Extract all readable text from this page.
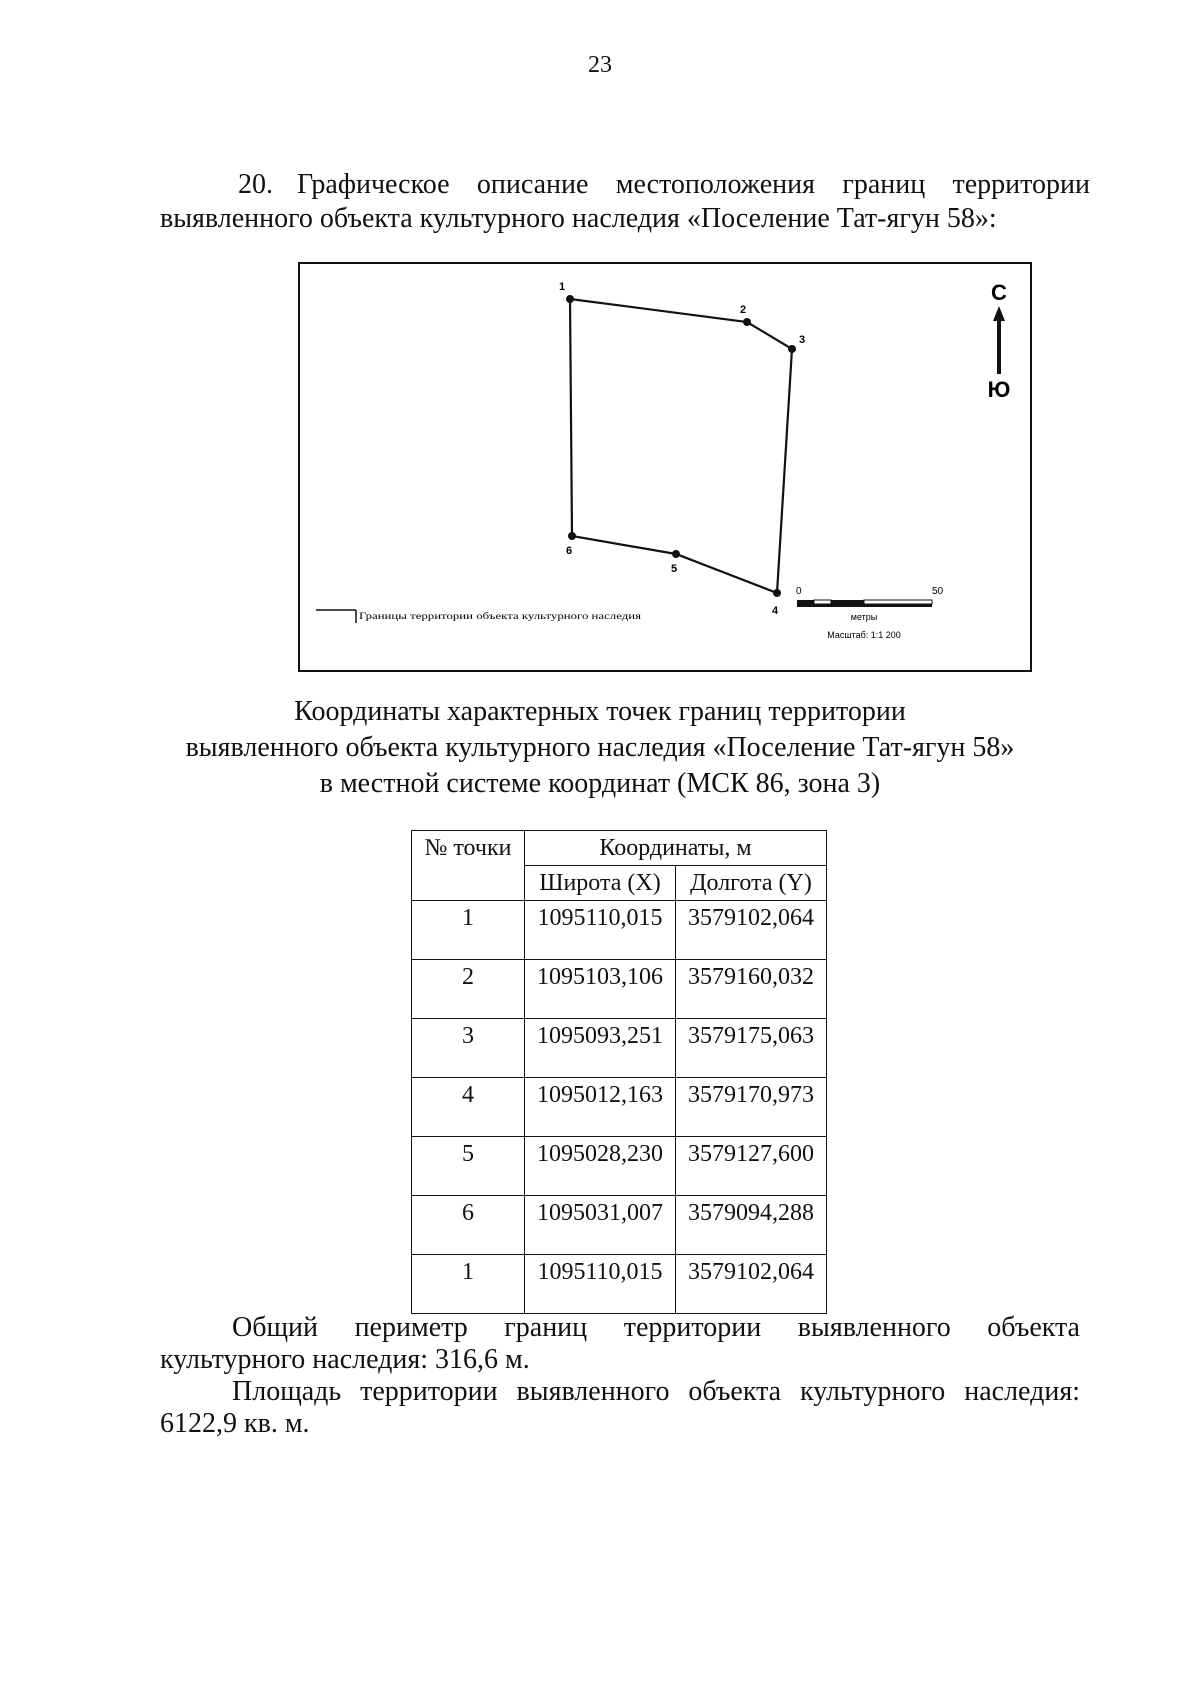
23
20. Графическое описание местоположения границ территории
выявленного объекта культурного наследия «Поселение Тат-ягун 58»:
1
2
3
4
5
6
С
Ю
Границы территории объекта культурного наследия
0	50
метры
Масштаб: 1:1 200
Координаты характерных точек границ территории
выявленного объекта культурного наследия «Поселение Тат-ягун 58»
в местной системе координат (МСК 86, зона 3)
№ точки	Координаты, м	
	Широта (X)	Долгота (Y)
1	1095110,015	3579102,064
2	1095103,106	3579160,032
3	1095093,251	3579175,063
4	1095012,163	3579170,973
5	1095028,230	3579127,600
6	1095031,007	3579094,288
1	1095110,015	3579102,064
Общий периметр границ территории выявленного объекта
культурного наследия: 316,6 м.
Площадь территории выявленного объекта культурного наследия:
6122,9 кв. м.
